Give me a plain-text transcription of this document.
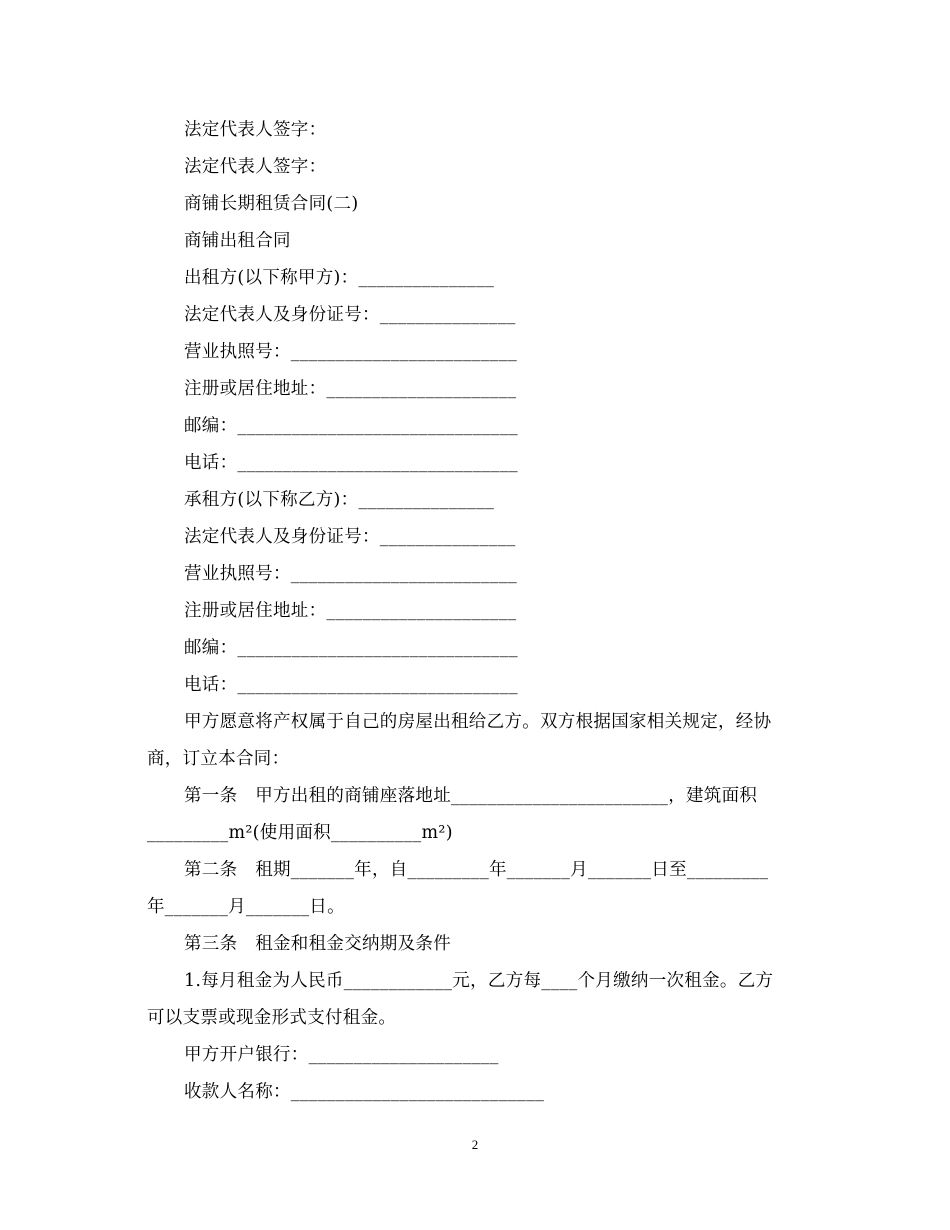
法定代表人签字：
法定代表人签字：
商铺长期租赁合同(二)
商铺出租合同
出租方(以下称甲方)：_______________
法定代表人及身份证号：_______________
营业执照号：_________________________
注册或居住地址：_____________________
邮编：_______________________________
电话：_______________________________
承租方(以下称乙方)：_______________
法定代表人及身份证号：_______________
营业执照号：_________________________
注册或居住地址：_____________________
邮编：_______________________________
电话：_______________________________
甲方愿意将产权属于自己的房屋出租给乙方。双方根据国家相关规定，经协
商，订立本合同：
第一条　甲方出租的商铺座落地址________________________，建筑面积
_________m²(使用面积__________m²)
第二条　租期_______年，自_________年_______月_______日至_________
年_______月_______日。
第三条　租金和租金交纳期及条件
1.每月租金为人民币____________元，乙方每____个月缴纳一次租金。乙方
可以支票或现金形式支付租金。
甲方开户银行：_____________________
收款人名称：____________________________
2
